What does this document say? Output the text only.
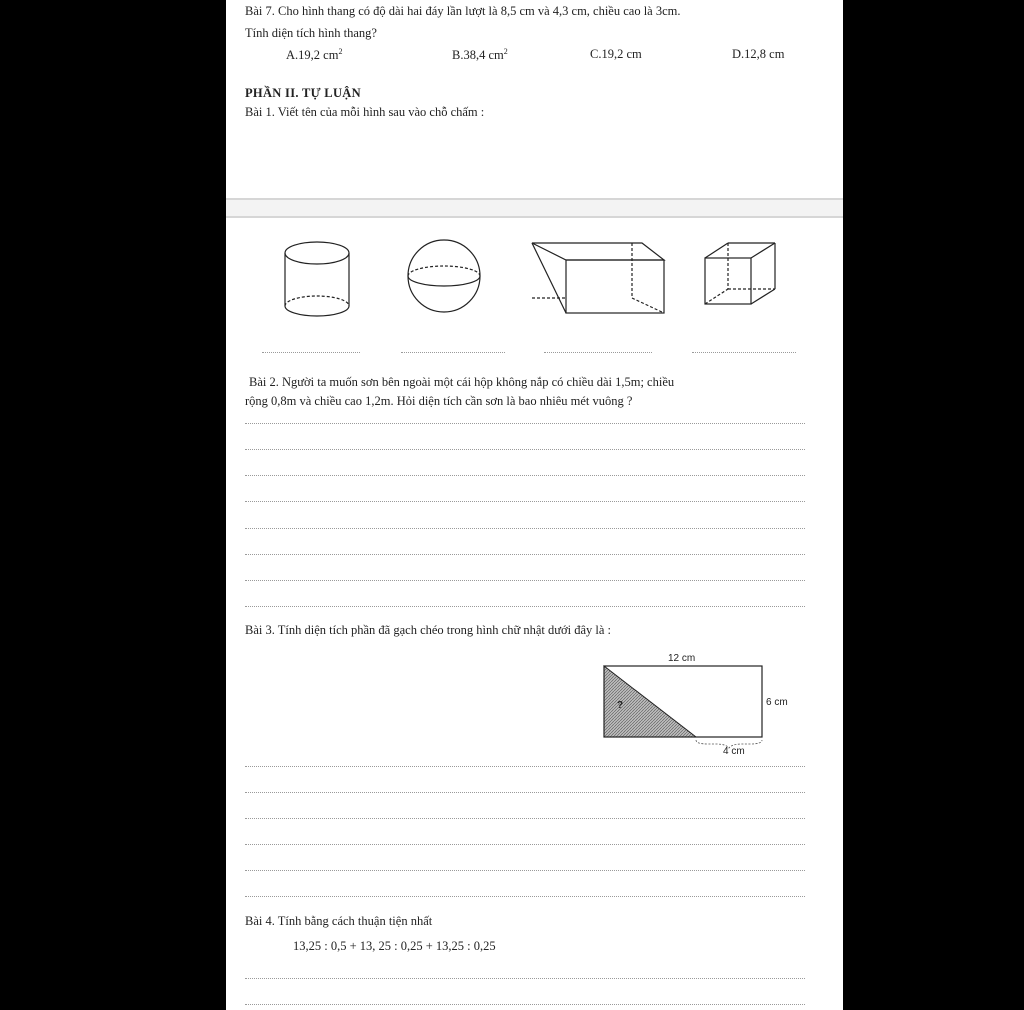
Bài 7. Cho hình thang có độ dài hai đáy lần lượt là 8,5 cm và 4,3 cm, chiều cao là 3cm.
Tính diện tích hình thang?
A.19,2 $cm^2$	B.38,4 $cm^2$	C.19,2 cm	D.12,8 cm
PHẦN II. TỰ LUẬN
Bài 1. Viết tên của mỗi hình sau vào chỗ chấm :
Bài 2. Người ta muốn sơn bên ngoài một cái hộp không nắp có chiều dài 1,5m; chiều
rộng 0,8m và chiều cao 1,2m. Hỏi diện tích cần sơn là bao nhiêu mét vuông ?
Bài 3. Tính diện tích phần đã gạch chéo trong hình chữ nhật dưới đây là :
12 cm
6 cm
4 cm
?
Bài 4. Tính bằng cách thuận tiện nhất
13,25 : 0,5 + 13, 25 : 0,25 + 13,25 : 0,25
